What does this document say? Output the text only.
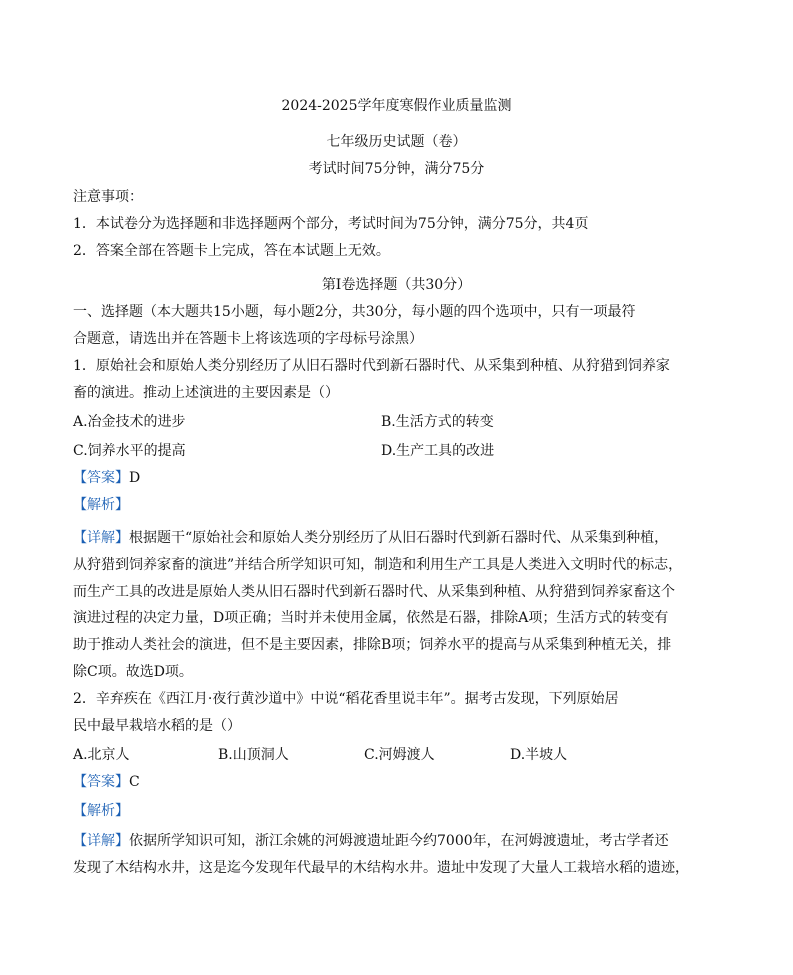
2024-2025学年度寒假作业质量监测
七年级历史试题（卷）
考试时间75分钟，满分75分
注意事项：
1．本试卷分为选择题和非选择题两个部分，考试时间为75分钟，满分75分，共4页
2．答案全部在答题卡上完成，答在本试题上无效。
第Ⅰ卷选择题（共30分）
一、选择题（本大题共15小题，每小题2分，共30分，每小题的四个选项中，只有一项最符
合题意，请选出并在答题卡上将该选项的字母标号涂黑）
1．原始社会和原始人类分别经历了从旧石器时代到新石器时代、从采集到种植、从狩猎到饲养家
畜的演进。推动上述演进的主要因素是（）
A.冶金技术的进步	B.生活方式的转变
C.饲养水平的提高	D.生产工具的改进
【答案】D
【解析】
【详解】根据题干“原始社会和原始人类分别经历了从旧石器时代到新石器时代、从采集到种植，
从狩猎到饲养家畜的演进”并结合所学知识可知，制造和利用生产工具是人类进入文明时代的标志，
而生产工具的改进是原始人类从旧石器时代到新石器时代、从采集到种植、从狩猎到饲养家畜这个
演进过程的决定力量，D项正确；当时并未使用金属，依然是石器，排除A项；生活方式的转变有
助于推动人类社会的演进，但不是主要因素，排除B项；饲养水平的提高与从采集到种植无关，排
除C项。故选D项。
2．辛弃疾在《西江月·夜行黄沙道中》中说“稻花香里说丰年”。据考古发现，下列原始居
民中最早栽培水稻的是（）
A.北京人	B.山顶洞人	C.河姆渡人	D.半坡人
【答案】C
【解析】
【详解】依据所学知识可知，浙江余姚的河姆渡遗址距今约7000年，在河姆渡遗址，考古学者还
发现了木结构水井，这是迄今发现年代最早的木结构水井。遗址中发现了大量人工栽培水稻的遗迹，
